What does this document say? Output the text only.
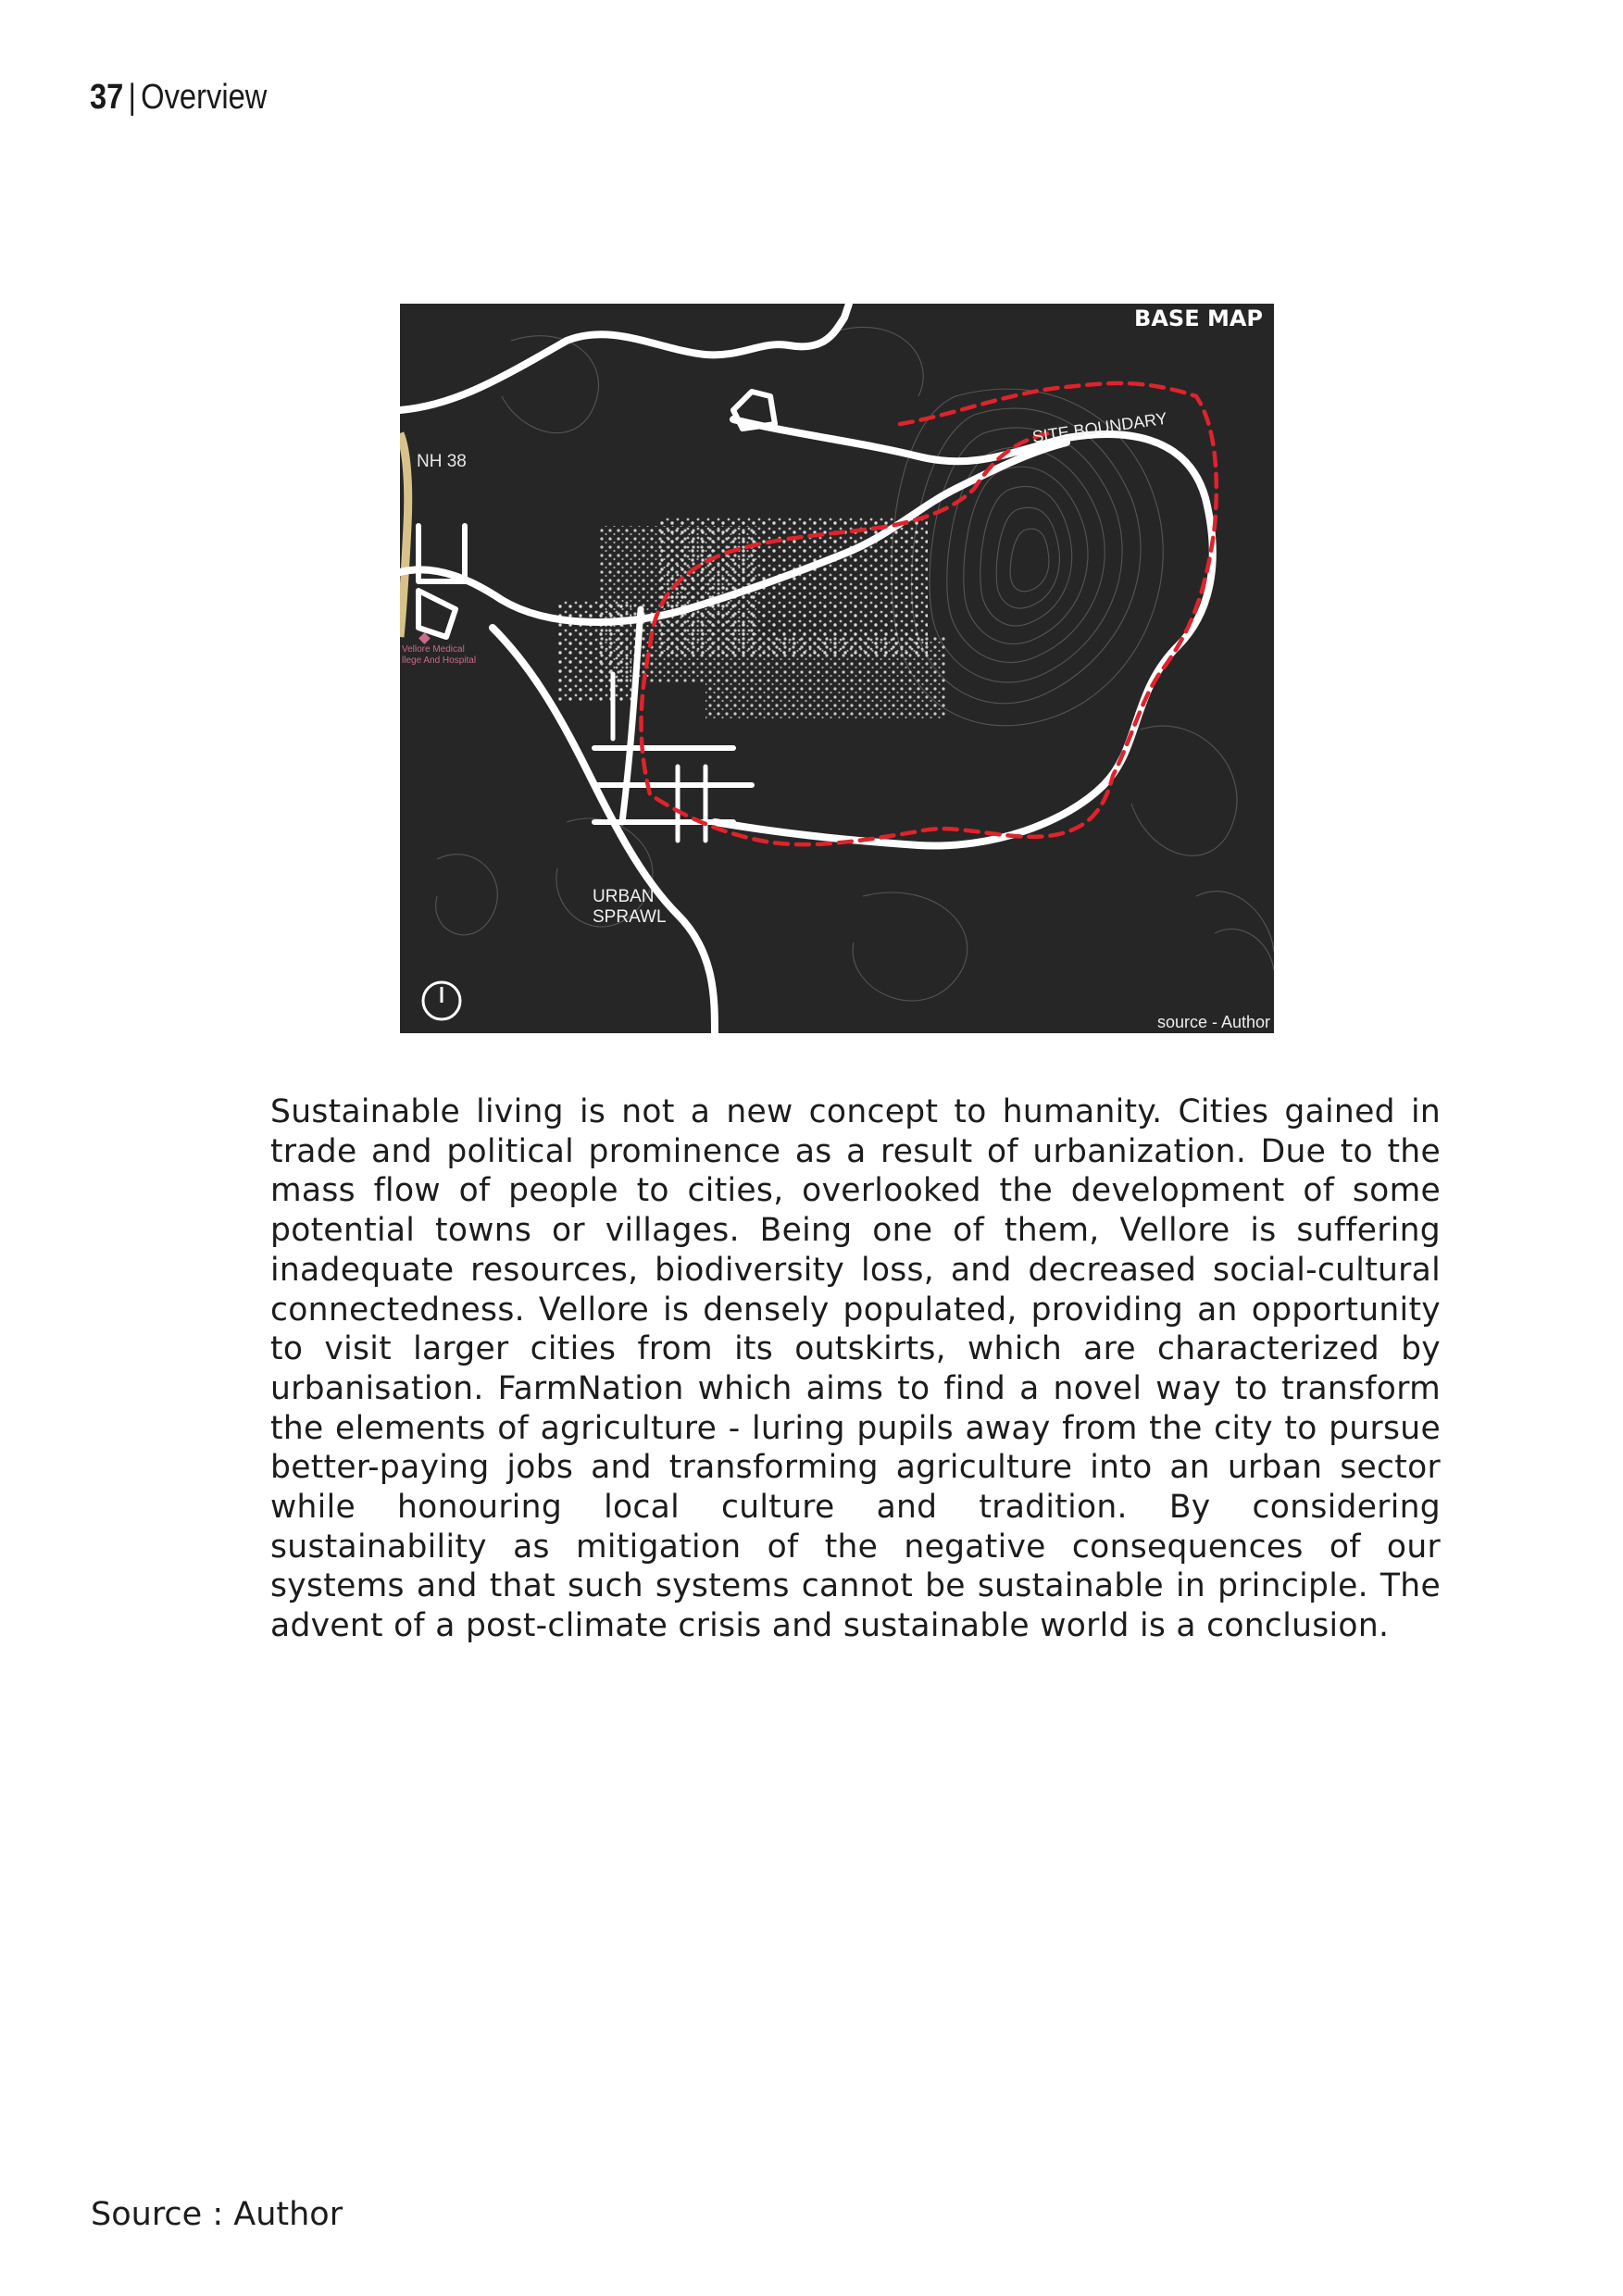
37 | Overview
BASE MAP
NH 38
SITE BOUNDARY
URBAN
SPRAWL
Vellore Medical
llege And Hospital
source - Author
Sustainable living is not a new concept to humanity. Cities gained in trade and political prominence as a result of urbanization. Due to the mass flow of people to cities, overlooked the development of some potential towns or villages. Being one of them, Vellore is suffering inadequate resources, biodiversity loss, and decreased social-cultural connectedness. Vellore is densely populated, providing an opportunity to visit larger cities from its outskirts, which are characterized by urbanisation. FarmNation which aims to find a novel way to transform the elements of agriculture - luring pupils away from the city to pursue better-paying jobs and transforming agriculture into an urban sector while honouring local culture and tradition. By considering sustainability as mitigation of the negative consequences of our systems and that such systems cannot be sustainable in principle. The advent of a post-climate crisis and sustainable world is a conclusion.
Source : Author
